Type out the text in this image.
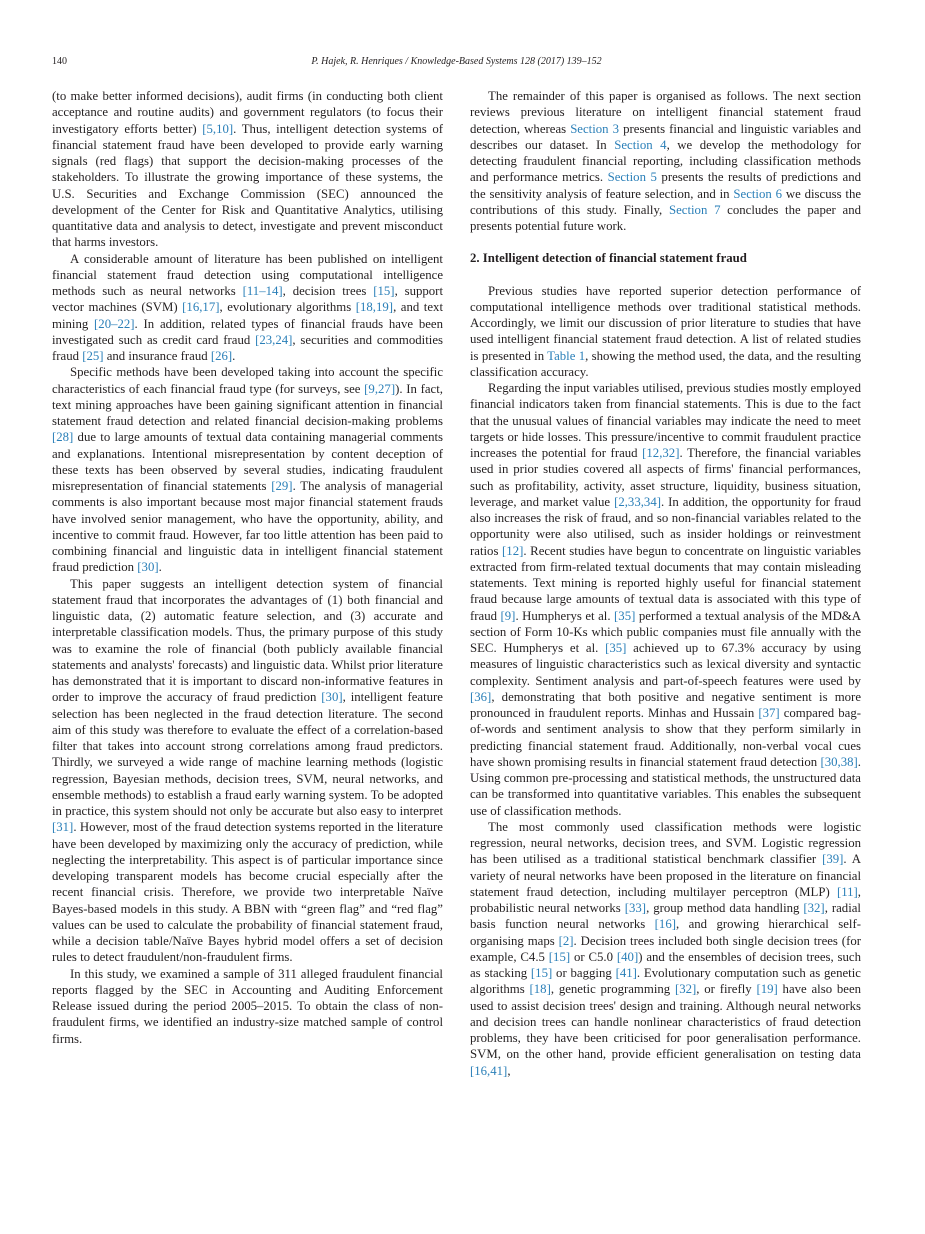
140	P. Hajek, R. Henriques / Knowledge-Based Systems 128 (2017) 139–152

(to make better informed decisions), audit firms (in conducting both client acceptance and routine audits) and government regulators (to focus their investigatory efforts better) [5,10]. Thus, intelligent detection systems of financial statement fraud have been developed to provide early warning signals (red flags) that support the decision-making processes of the stakeholders. To illustrate the growing importance of these systems, the U.S. Securities and Exchange Commission (SEC) announced the development of the Center for Risk and Quantitative Analytics, utilising quantitative data and analysis to detect, investigate and prevent misconduct that harms investors.

A considerable amount of literature has been published on intelligent financial statement fraud detection using computational intelligence methods such as neural networks [11–14], decision trees [15], support vector machines (SVM) [16,17], evolutionary algorithms [18,19], and text mining [20–22]. In addition, related types of financial frauds have been investigated such as credit card fraud [23,24], securities and commodities fraud [25] and insurance fraud [26].

Specific methods have been developed taking into account the specific characteristics of each financial fraud type (for surveys, see [9,27]). In fact, text mining approaches have been gaining significant attention in financial statement fraud detection and related financial decision-making problems [28] due to large amounts of textual data containing managerial comments and explanations. Intentional misrepresentation by content deception of these texts has been observed by several studies, indicating fraudulent misrepresentation of financial statements [29]. The analysis of managerial comments is also important because most major financial statement frauds have involved senior management, who have the opportunity, ability, and incentive to commit fraud. However, far too little attention has been paid to combining financial and linguistic data in intelligent financial statement fraud prediction [30].

This paper suggests an intelligent detection system of financial statement fraud that incorporates the advantages of (1) both financial and linguistic data, (2) automatic feature selection, and (3) accurate and interpretable classification models. Thus, the primary purpose of this study was to examine the role of financial (both publicly available financial statements and analysts' forecasts) and linguistic data. Whilst prior literature has demonstrated that it is important to discard non-informative features in order to improve the accuracy of fraud prediction [30], intelligent feature selection has been neglected in the fraud detection literature. The second aim of this study was therefore to evaluate the effect of a correlation-based filter that takes into account strong correlations among fraud predictors. Thirdly, we surveyed a wide range of machine learning methods (logistic regression, Bayesian methods, decision trees, SVM, neural networks, and ensemble methods) to establish a fraud early warning system. To be adopted in practice, this system should not only be accurate but also easy to interpret [31]. However, most of the fraud detection systems reported in the literature have been developed by maximizing only the accuracy of prediction, while neglecting the interpretability. This aspect is of particular importance since developing transparent models has become crucial especially after the recent financial crisis. Therefore, we provide two interpretable Naïve Bayes-based models in this study. A BBN with “green flag” and “red flag” values can be used to calculate the probability of financial statement fraud, while a decision table/Naïve Bayes hybrid model offers a set of decision rules to detect fraudulent/non-fraudulent firms.

In this study, we examined a sample of 311 alleged fraudulent financial reports flagged by the SEC in Accounting and Auditing Enforcement Release issued during the period 2005–2015. To obtain the class of non-fraudulent firms, we identified an industry-size matched sample of control firms.

The remainder of this paper is organised as follows. The next section reviews previous literature on intelligent financial statement fraud detection, whereas Section 3 presents financial and linguistic variables and describes our dataset. In Section 4, we develop the methodology for detecting fraudulent financial reporting, including classification methods and performance metrics. Section 5 presents the results of predictions and the sensitivity analysis of feature selection, and in Section 6 we discuss the contributions of this study. Finally, Section 7 concludes the paper and presents potential future work.

2. Intelligent detection of financial statement fraud

Previous studies have reported superior detection performance of computational intelligence methods over traditional statistical methods. Accordingly, we limit our discussion of prior literature to studies that have used intelligent financial statement fraud detection. A list of related studies is presented in Table 1, showing the method used, the data, and the resulting classification accuracy.

Regarding the input variables utilised, previous studies mostly employed financial indicators taken from financial statements. This is due to the fact that the unusual values of financial variables may indicate the need to meet targets or hide losses. This pressure/incentive to commit fraudulent practice increases the potential for fraud [12,32]. Therefore, the financial variables used in prior studies covered all aspects of firms' financial performances, such as profitability, activity, asset structure, liquidity, business situation, leverage, and market value [2,33,34]. In addition, the opportunity for fraud also increases the risk of fraud, and so non-financial variables related to the opportunity were also utilised, such as insider holdings or reinvestment ratios [12]. Recent studies have begun to concentrate on linguistic variables extracted from firm-related textual documents that may contain misleading statements. Text mining is reported highly useful for financial statement fraud because large amounts of textual data is associated with this type of fraud [9]. Humpherys et al. [35] performed a textual analysis of the MD&A section of Form 10-Ks which public companies must file annually with the SEC. Humpherys et al. [35] achieved up to 67.3% accuracy by using measures of linguistic characteristics such as lexical diversity and syntactic complexity. Sentiment analysis and part-of-speech features were used by [36], demonstrating that both positive and negative sentiment is more pronounced in fraudulent reports. Minhas and Hussain [37] compared bag-of-words and sentiment analysis to show that they perform similarly in predicting financial statement fraud. Additionally, non-verbal vocal cues have shown promising results in financial statement fraud detection [30,38]. Using common pre-processing and statistical methods, the unstructured data can be transformed into quantitative variables. This enables the subsequent use of classification methods.

The most commonly used classification methods were logistic regression, neural networks, decision trees, and SVM. Logistic regression has been utilised as a traditional statistical benchmark classifier [39]. A variety of neural networks have been proposed in the literature on financial statement fraud detection, including multilayer perceptron (MLP) [11], probabilistic neural networks [33], group method data handling [32], radial basis function neural networks [16], and growing hierarchical self-organising maps [2]. Decision trees included both single decision trees (for example, C4.5 [15] or C5.0 [40]) and the ensembles of decision trees, such as stacking [15] or bagging [41]. Evolutionary computation such as genetic algorithms [18], genetic programming [32], or firefly [19] have also been used to assist decision trees' design and training. Although neural networks and decision trees can handle nonlinear characteristics of fraud detection problems, they have been criticised for poor generalisation performance. SVM, on the other hand, provide efficient generalisation on testing data [16,41],
